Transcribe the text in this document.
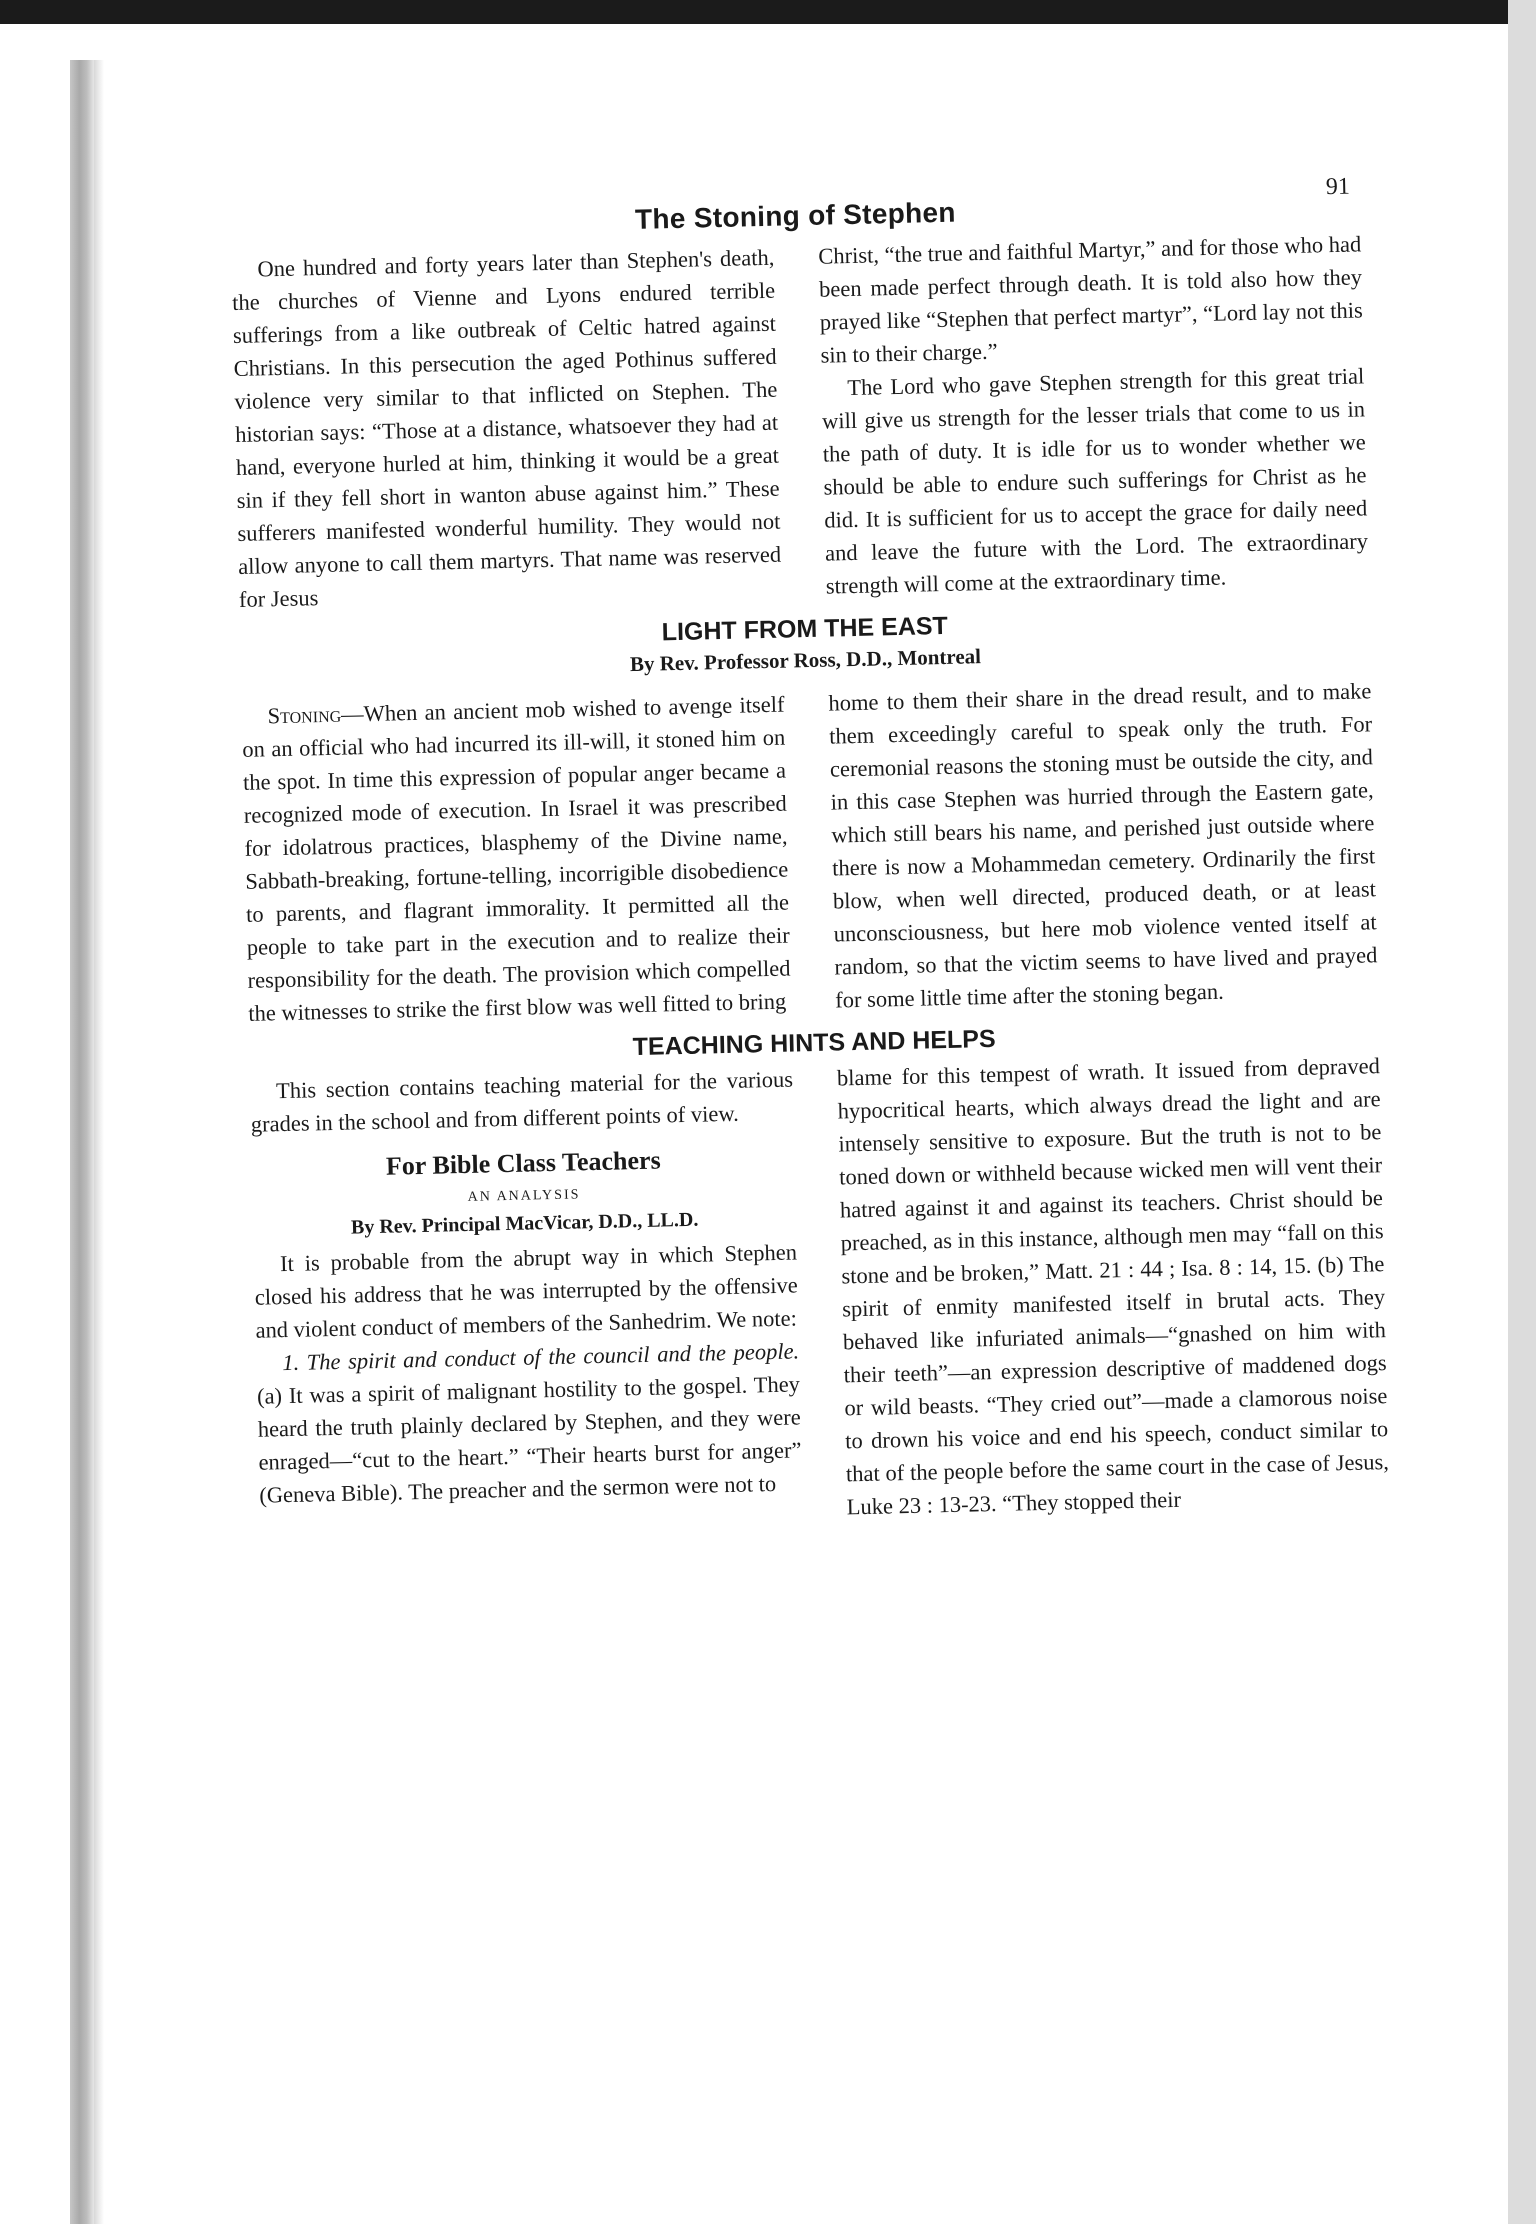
The Stoning of Stephen
91

One hundred and forty years later than Stephen's death, the churches of Vienne and Lyons endured terrible sufferings from a like outbreak of Celtic hatred against Christians. In this persecution the aged Pothinus suffered violence very similar to that inflicted on Stephen. The historian says: “Those at a distance, whatsoever they had at hand, everyone hurled at him, thinking it would be a great sin if they fell short in wanton abuse against him.” These sufferers manifested wonderful humility. They would not allow anyone to call them martyrs. That name was reserved for Jesus

Christ, “the true and faithful Martyr,” and for those who had been made perfect through death. It is told also how they prayed like “Stephen that perfect martyr”, “Lord lay not this sin to their charge.”

The Lord who gave Stephen strength for this great trial will give us strength for the lesser trials that come to us in the path of duty. It is idle for us to wonder whether we should be able to endure such sufferings for Christ as he did. It is sufficient for us to accept the grace for daily need and leave the future with the Lord. The extraordinary strength will come at the extraordinary time.

LIGHT FROM THE EAST
By Rev. Professor Ross, D.D., Montreal

Stoning—When an ancient mob wished to avenge itself on an official who had incurred its ill-will, it stoned him on the spot. In time this expression of popular anger became a recognized mode of execution. In Israel it was prescribed for idolatrous practices, blasphemy of the Divine name, Sabbath-breaking, fortune-telling, incorrigible disobedience to parents, and flagrant immorality. It permitted all the people to take part in the execution and to realize their responsibility for the death. The provision which compelled the witnesses to strike the first blow was well fitted to bring

home to them their share in the dread result, and to make them exceedingly careful to speak only the truth. For ceremonial reasons the stoning must be outside the city, and in this case Stephen was hurried through the Eastern gate, which still bears his name, and perished just outside where there is now a Mohammedan cemetery. Ordinarily the first blow, when well directed, produced death, or at least unconsciousness, but here mob violence vented itself at random, so that the victim seems to have lived and prayed for some little time after the stoning began.

TEACHING HINTS AND HELPS

This section contains teaching material for the various grades in the school and from different points of view.

For Bible Class Teachers
AN ANALYSIS
By Rev. Principal MacVicar, D.D., LL.D.

It is probable from the abrupt way in which Stephen closed his address that he was interrupted by the offensive and violent conduct of members of the Sanhedrim. We note:

1. The spirit and conduct of the council and the people. (a) It was a spirit of malignant hostility to the gospel. They heard the truth plainly declared by Stephen, and they were enraged—“cut to the heart.” “Their hearts burst for anger” (Geneva Bible). The preacher and the sermon were not to

blame for this tempest of wrath. It issued from depraved hypocritical hearts, which always dread the light and are intensely sensitive to exposure. But the truth is not to be toned down or withheld because wicked men will vent their hatred against it and against its teachers. Christ should be preached, as in this instance, although men may “fall on this stone and be broken,” Matt. 21 : 44 ; Isa. 8 : 14, 15. (b) The spirit of enmity manifested itself in brutal acts. They behaved like infuriated animals—“gnashed on him with their teeth”—an expression descriptive of maddened dogs or wild beasts. “They cried out”—made a clamorous noise to drown his voice and end his speech, conduct similar to that of the people before the same court in the case of Jesus, Luke 23 : 13-23. “They stopped their
